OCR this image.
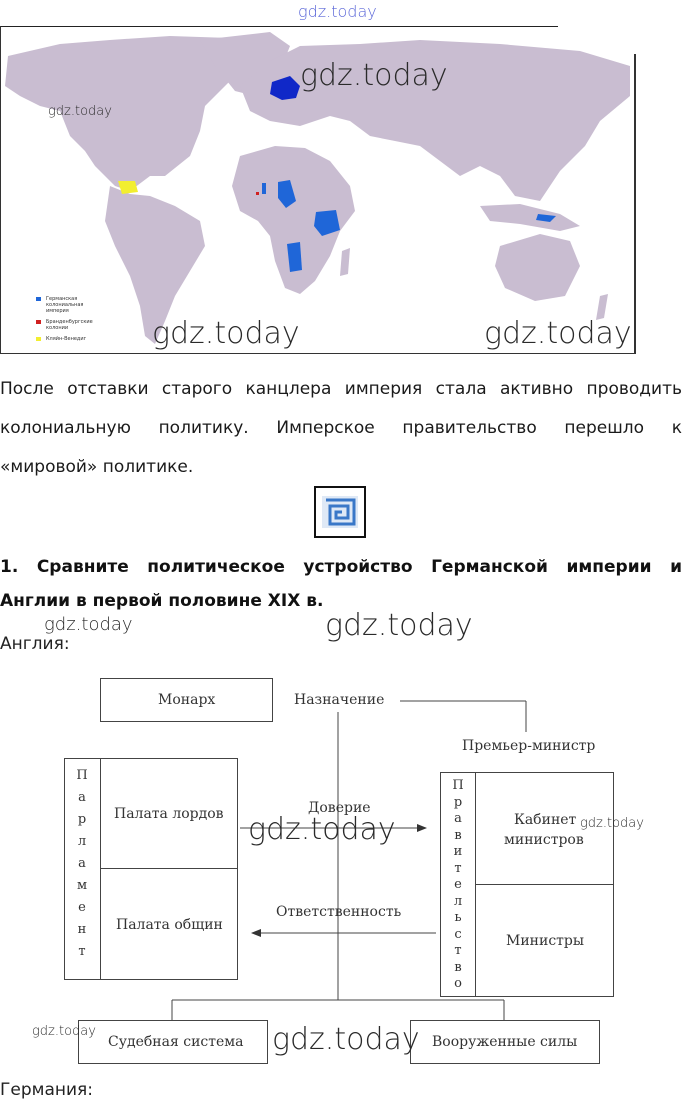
gdz.today
Германская колониальная империя
Бранденбургские колонии
Кляйн-Венедиг
gdz.today
gdz.today
gdz.today	gdz.today
После отставки старого канцлера империя стала активно проводить
колониальную политику. Имперское правительство перешло к
«мировой» политике.
1. Сравните политическое устройство Германской империи и
Англии в первой половине XIX в.
gdz.today	gdz.today
Англия:
Монарх	Назначение
Премьер-министр
Палата лордов
Палата общин
П
а
р
л
а
м
е
н
т
Доверие
Ответственность
Кабинет
министров
Министры
П
р
а
в
и
т
е
л
ь
с
т
в
о
Судебная система	Вооруженные силы
gdz.today	gdz.today
gdz.today	gdz.today
Германия:
